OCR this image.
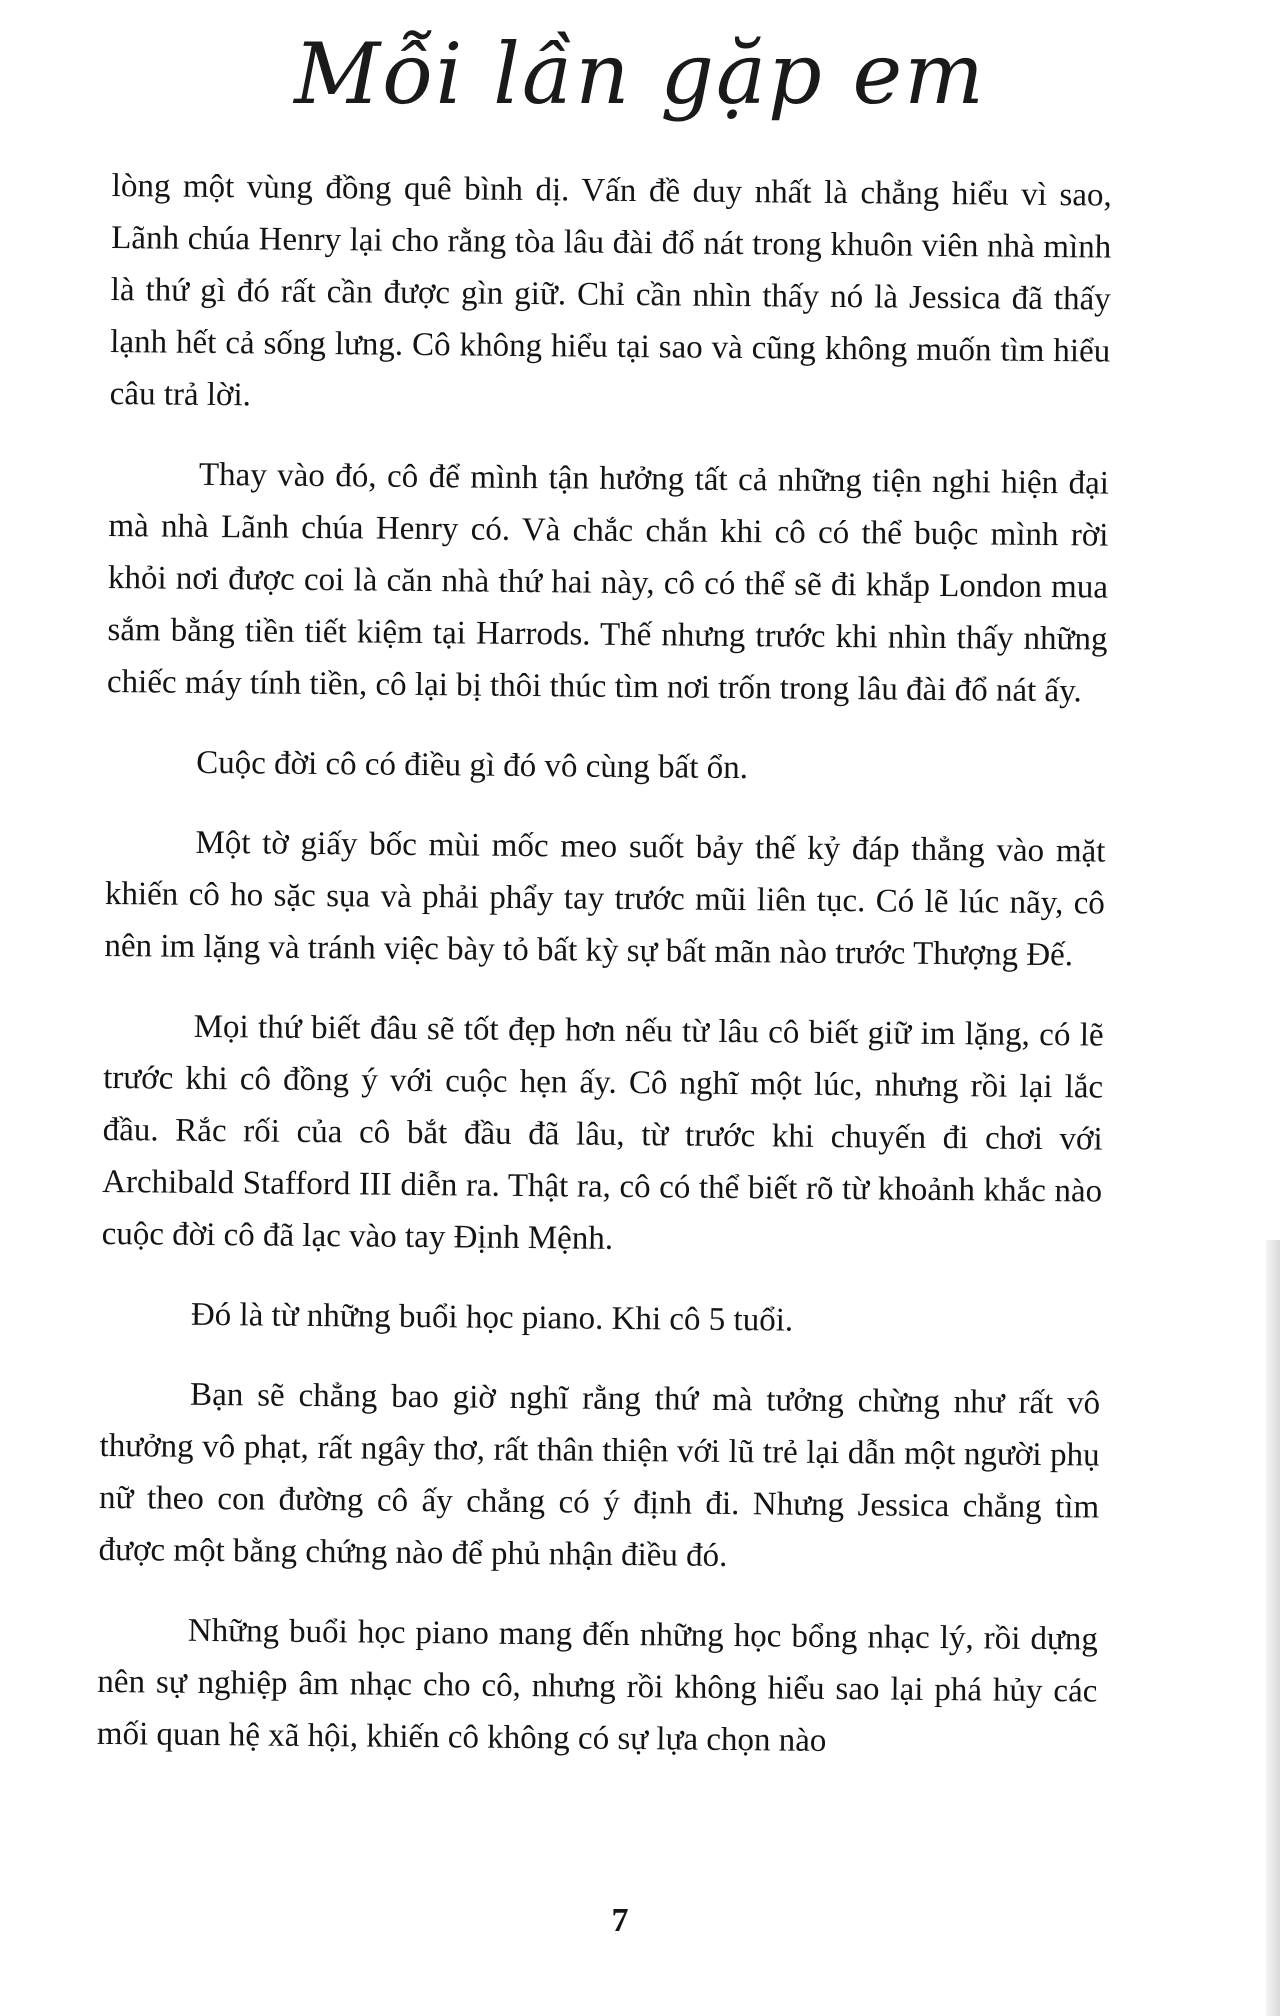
Mỗi lần gặp em

lòng một vùng đồng quê bình dị. Vấn đề duy nhất là chẳng hiểu vì sao, Lãnh chúa Henry lại cho rằng tòa lâu đài đổ nát trong khuôn viên nhà mình là thứ gì đó rất cần được gìn giữ. Chỉ cần nhìn thấy nó là Jessica đã thấy lạnh hết cả sống lưng. Cô không hiểu tại sao và cũng không muốn tìm hiểu câu trả lời.

Thay vào đó, cô để mình tận hưởng tất cả những tiện nghi hiện đại mà nhà Lãnh chúa Henry có. Và chắc chắn khi cô có thể buộc mình rời khỏi nơi được coi là căn nhà thứ hai này, cô có thể sẽ đi khắp London mua sắm bằng tiền tiết kiệm tại Harrods. Thế nhưng trước khi nhìn thấy những chiếc máy tính tiền, cô lại bị thôi thúc tìm nơi trốn trong lâu đài đổ nát ấy.

Cuộc đời cô có điều gì đó vô cùng bất ổn.

Một tờ giấy bốc mùi mốc meo suốt bảy thế kỷ đáp thẳng vào mặt khiến cô ho sặc sụa và phải phẩy tay trước mũi liên tục. Có lẽ lúc nãy, cô nên im lặng và tránh việc bày tỏ bất kỳ sự bất mãn nào trước Thượng Đế.

Mọi thứ biết đâu sẽ tốt đẹp hơn nếu từ lâu cô biết giữ im lặng, có lẽ trước khi cô đồng ý với cuộc hẹn ấy. Cô nghĩ một lúc, nhưng rồi lại lắc đầu. Rắc rối của cô bắt đầu đã lâu, từ trước khi chuyến đi chơi với Archibald Stafford III diễn ra. Thật ra, cô có thể biết rõ từ khoảnh khắc nào cuộc đời cô đã lạc vào tay Định Mệnh.

Đó là từ những buổi học piano. Khi cô 5 tuổi.

Bạn sẽ chẳng bao giờ nghĩ rằng thứ mà tưởng chừng như rất vô thưởng vô phạt, rất ngây thơ, rất thân thiện với lũ trẻ lại dẫn một người phụ nữ theo con đường cô ấy chẳng có ý định đi. Nhưng Jessica chẳng tìm được một bằng chứng nào để phủ nhận điều đó.

Những buổi học piano mang đến những học bổng nhạc lý, rồi dựng nên sự nghiệp âm nhạc cho cô, nhưng rồi không hiểu sao lại phá hủy các mối quan hệ xã hội, khiến cô không có sự lựa chọn nào

7
